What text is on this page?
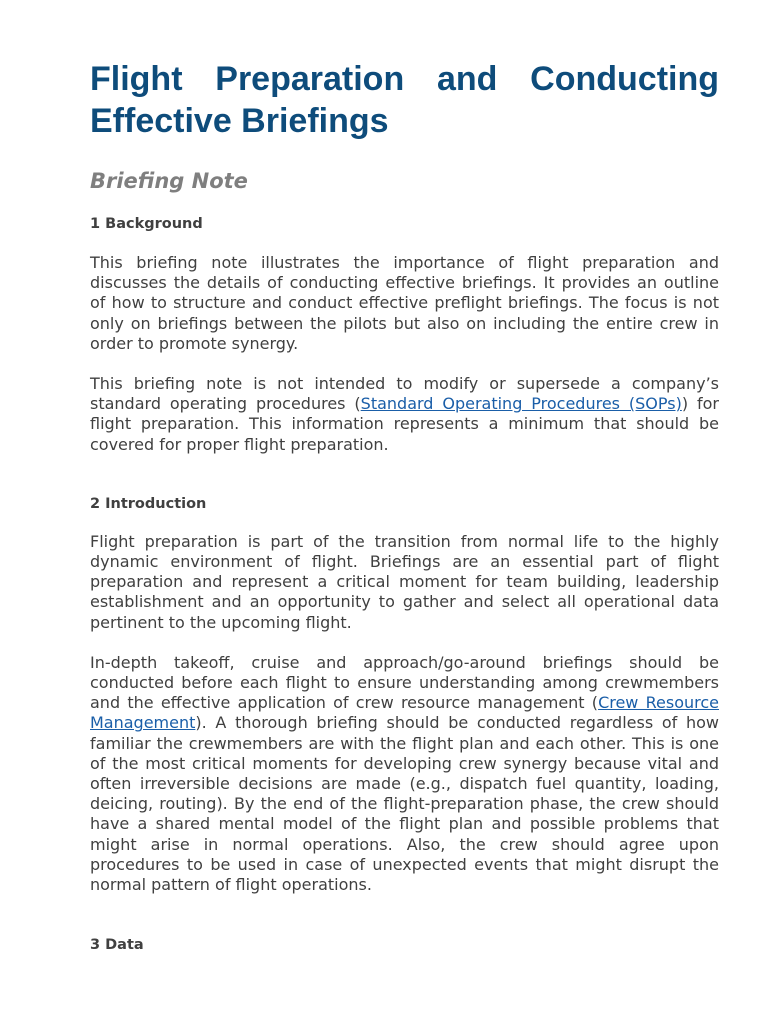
Flight Preparation and Conducting
Effective Briefings
Briefing Note
1 Background

This briefing note illustrates the importance of flight preparation and discusses the details of conducting effective briefings. It provides an outline of how to structure and conduct effective preflight briefings. The focus is not only on briefings between the pilots but also on including the entire crew in order to promote synergy.

This briefing note is not intended to modify or supersede a company’s standard operating procedures (Standard Operating Procedures (SOPs)) for flight preparation. This information represents a minimum that should be covered for proper flight preparation.

2 Introduction

Flight preparation is part of the transition from normal life to the highly dynamic environment of flight. Briefings are an essential part of flight preparation and represent a critical moment for team building, leadership establishment and an opportunity to gather and select all operational data pertinent to the upcoming flight.

In-depth takeoff, cruise and approach/go-around briefings should be conducted before each flight to ensure understanding among crewmembers and the effective application of crew resource management (Crew Resource Management). A thorough briefing should be conducted regardless of how familiar the crewmembers are with the flight plan and each other. This is one of the most critical moments for developing crew synergy because vital and often irreversible decisions are made (e.g., dispatch fuel quantity, loading, deicing, routing). By the end of the flight-preparation phase, the crew should have a shared mental model of the flight plan and possible problems that might arise in normal operations. Also, the crew should agree upon procedures to be used in case of unexpected events that might disrupt the normal pattern of flight operations.

3 Data
